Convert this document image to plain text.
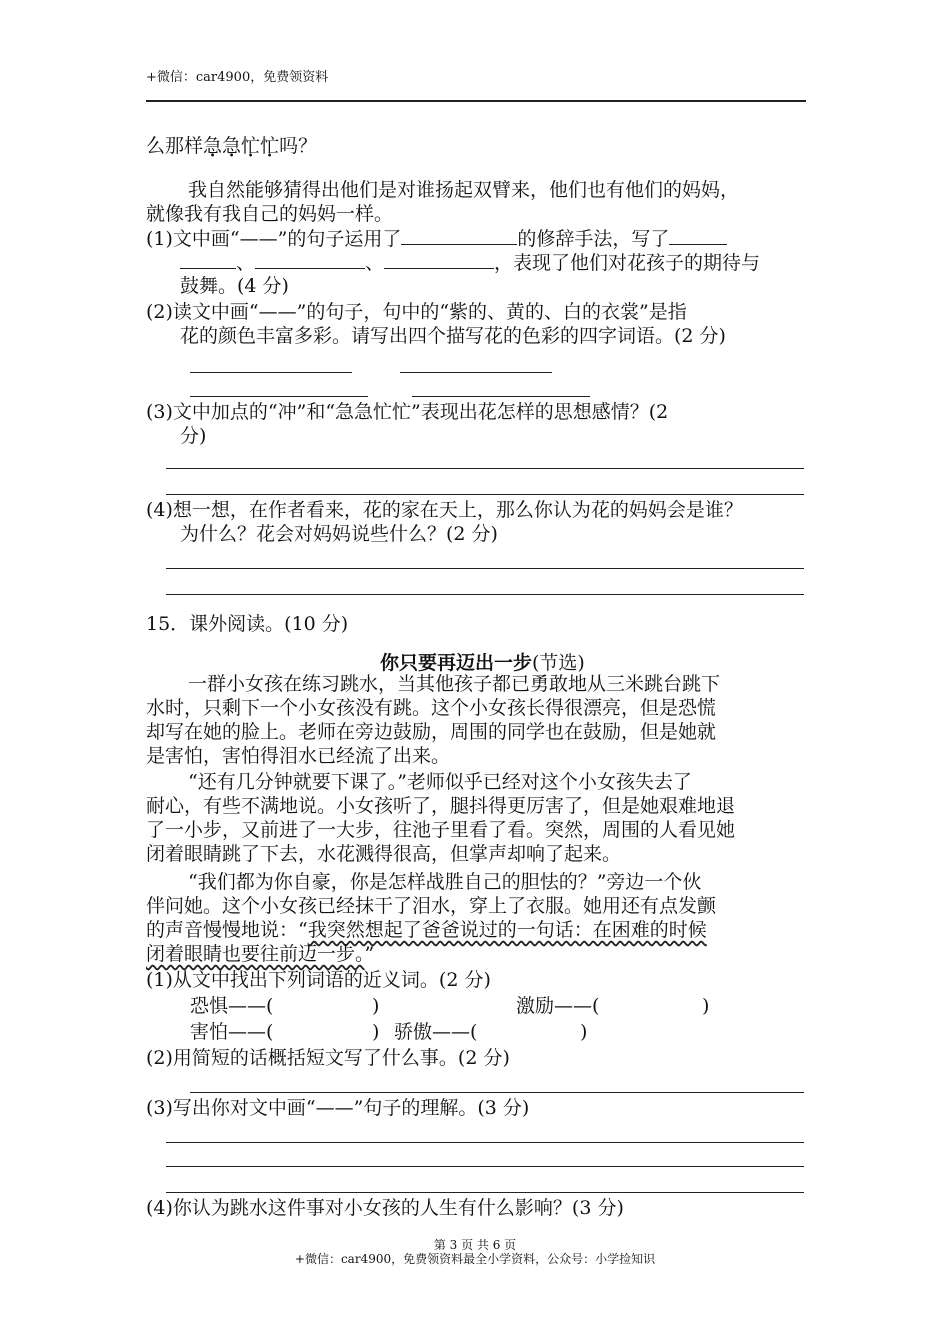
+微信：car4900，免费领资料
么那样急急忙忙吗？
我自然能够猜得出他们是对谁扬起双臂来，他们也有他们的妈妈，
就像我有我自己的妈妈一样。
(1)文中画“——”的句子运用了	的修辞手法，写了
、	、	，表现了他们对花孩子的期待与
鼓舞。(4 分)
(2)读文中画“——”的句子，句中的“紫的、黄的、白的衣裳”是指
花的颜色丰富多彩。请写出四个描写花的色彩的四字词语。(2 分)
(3)文中加点的“冲”和“急急忙忙”表现出花怎样的思想感情？(2
分)
(4)想一想，在作者看来，花的家在天上，那么你认为花的妈妈会是谁？
为什么？花会对妈妈说些什么？(2 分)
15．课外阅读。(10 分)
你只要再迈出一步(节选)
一群小女孩在练习跳水，当其他孩子都已勇敢地从三米跳台跳下
水时，只剩下一个小女孩没有跳。这个小女孩长得很漂亮，但是恐慌
却写在她的脸上。老师在旁边鼓励，周围的同学也在鼓励，但是她就
是害怕，害怕得泪水已经流了出来。
“还有几分钟就要下课了。”老师似乎已经对这个小女孩失去了
耐心，有些不满地说。小女孩听了，腿抖得更厉害了，但是她艰难地退
了一小步，又前进了一大步，往池子里看了看。突然，周围的人看见她
闭着眼睛跳了下去，水花溅得很高，但掌声却响了起来。
“我们都为你自豪，你是怎样战胜自己的胆怯的？”旁边一个伙
伴问她。这个小女孩已经抹干了泪水，穿上了衣服。她用还有点发颤
的声音慢慢地说：“我突然想起了爸爸说过的一句话：在困难的时候
闭着眼睛也要往前迈一步。”
(1)从文中找出下列词语的近义词。(2 分)
恐惧——(	)	激励——(	)
害怕——(	) 骄傲——(	)
(2)用简短的话概括短文写了什么事。(2 分)
(3)写出你对文中画“——”句子的理解。(3 分)
(4)你认为跳水这件事对小女孩的人生有什么影响？(3 分)
第 3 页 共 6 页
+微信：car4900，免费领资料最全小学资料，公众号：小学捡知识
